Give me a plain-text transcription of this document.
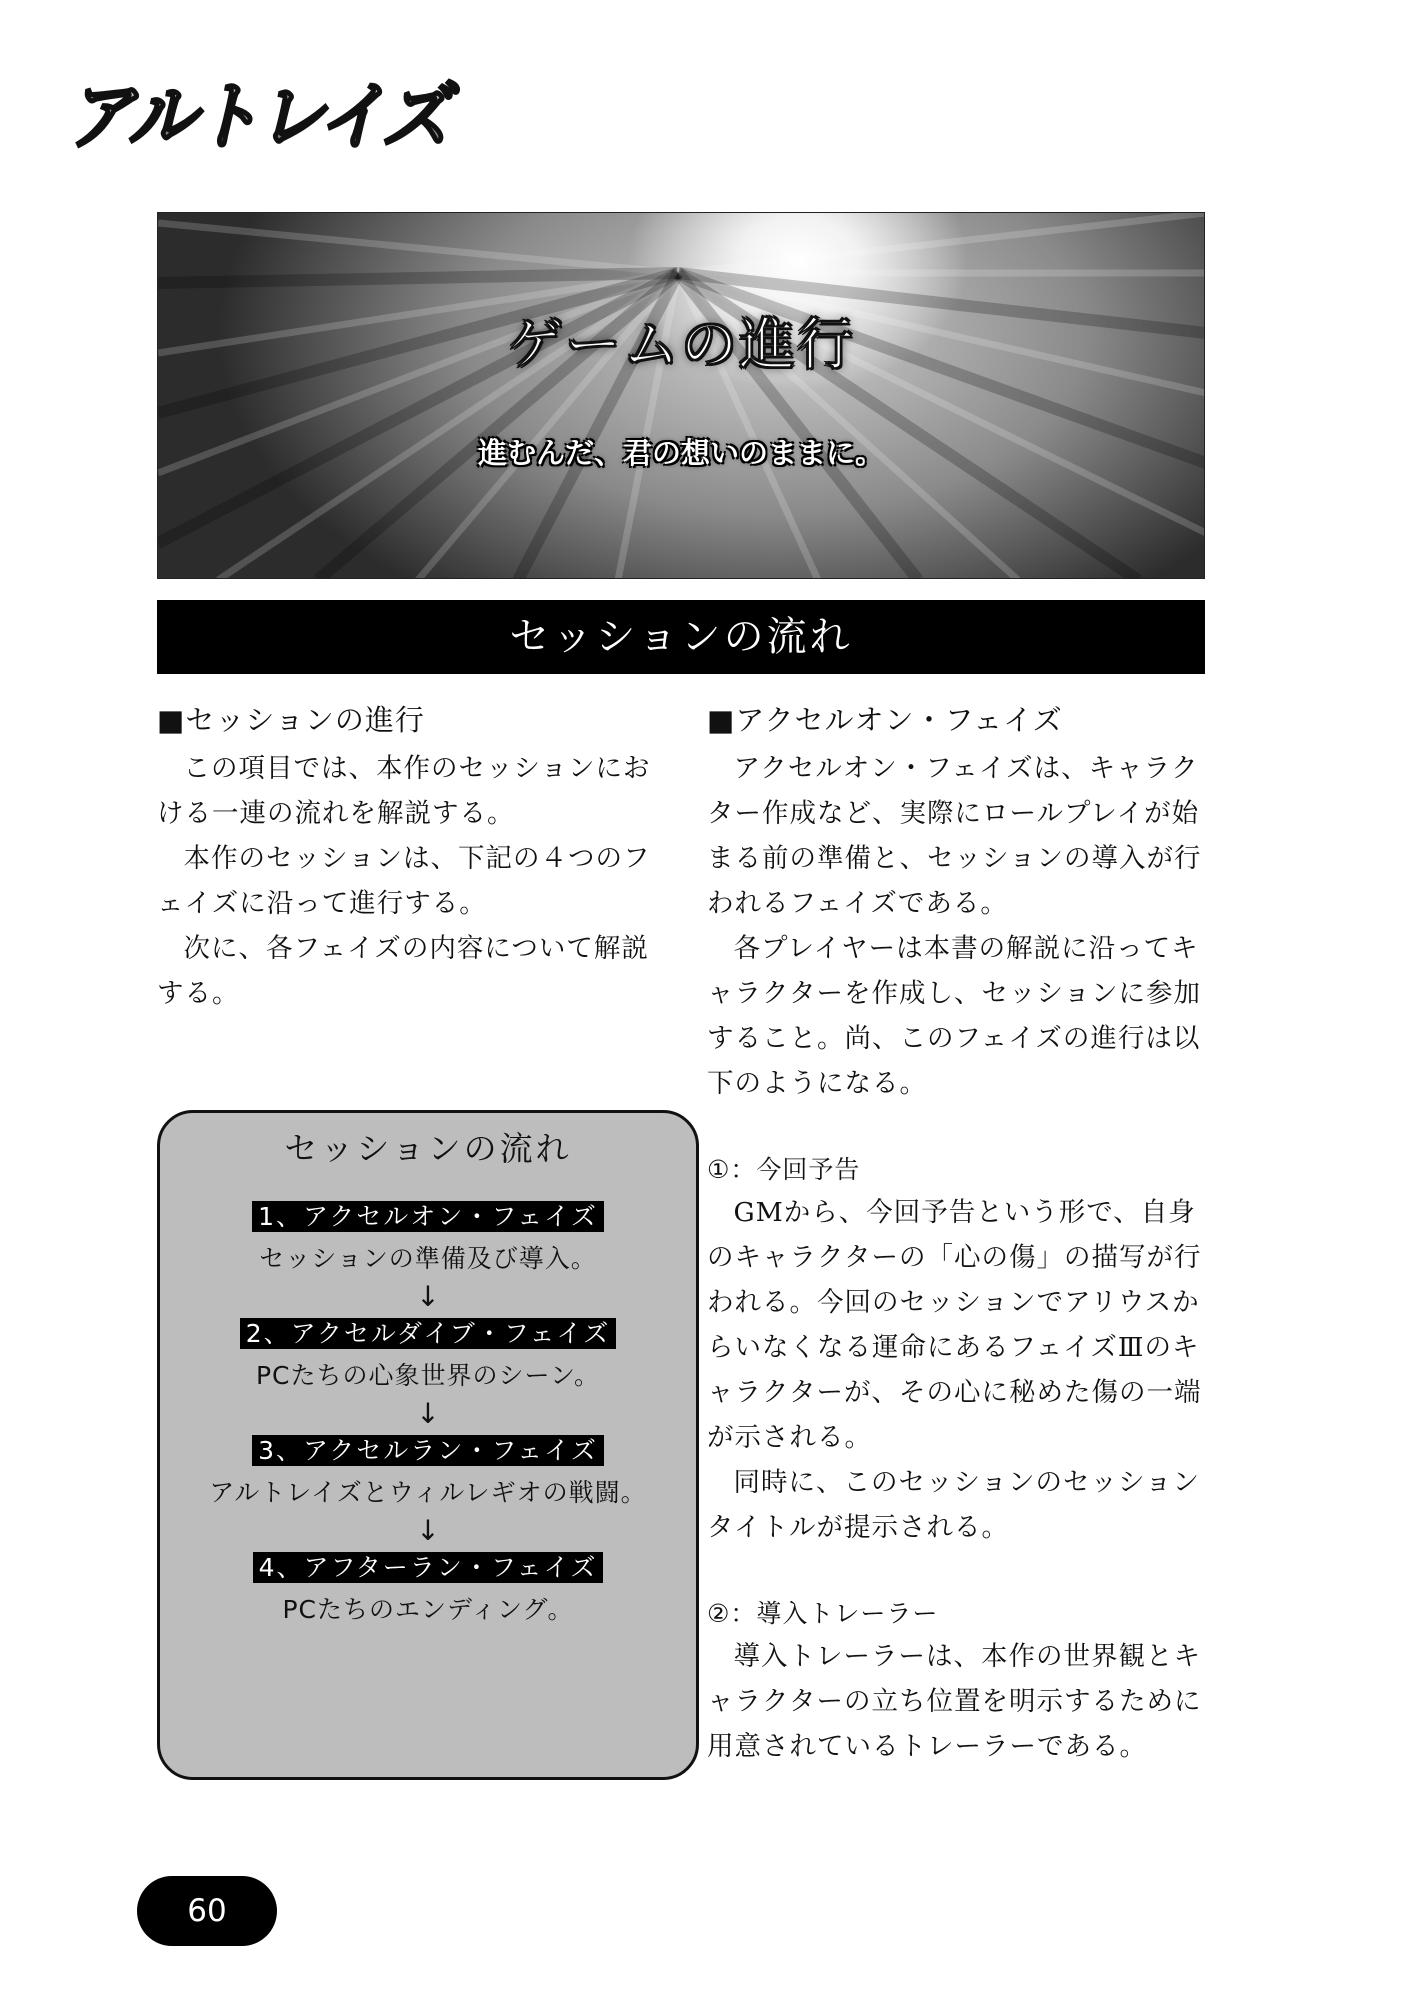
アルトレイズ
ゲームの進行
進むんだ、君の想いのままに。
セッションの流れ
■セッションの進行

この項目では、本作のセッションにおける一連の流れを解説する。

本作のセッションは、下記の４つのフェイズに沿って進行する。

次に、各フェイズの内容について解説する。

セッションの流れ
1、アクセルオン・フェイズ
セッションの準備及び導入。
↓
2、アクセルダイブ・フェイズ
PCたちの心象世界のシーン。
↓
3、アクセルラン・フェイズ
アルトレイズとウィルレギオの戦闘。
↓
4、アフターラン・フェイズ
PCたちのエンディング。
■アクセルオン・フェイズ

アクセルオン・フェイズは、キャラクター作成など、実際にロールプレイが始まる前の準備と、セッションの導入が行われるフェイズである。

各プレイヤーは本書の解説に沿ってキャラクターを作成し、セッションに参加すること。尚、このフェイズの進行は以下のようになる。

①：今回予告

GMから、今回予告という形で、自身のキャラクターの「心の傷」の描写が行われる。今回のセッションでアリウスからいなくなる運命にあるフェイズⅢのキャラクターが、その心に秘めた傷の一端が示される。

同時に、このセッションのセッションタイトルが提示される。

②：導入トレーラー

導入トレーラーは、本作の世界観とキャラクターの立ち位置を明示するために用意されているトレーラーである。

60
